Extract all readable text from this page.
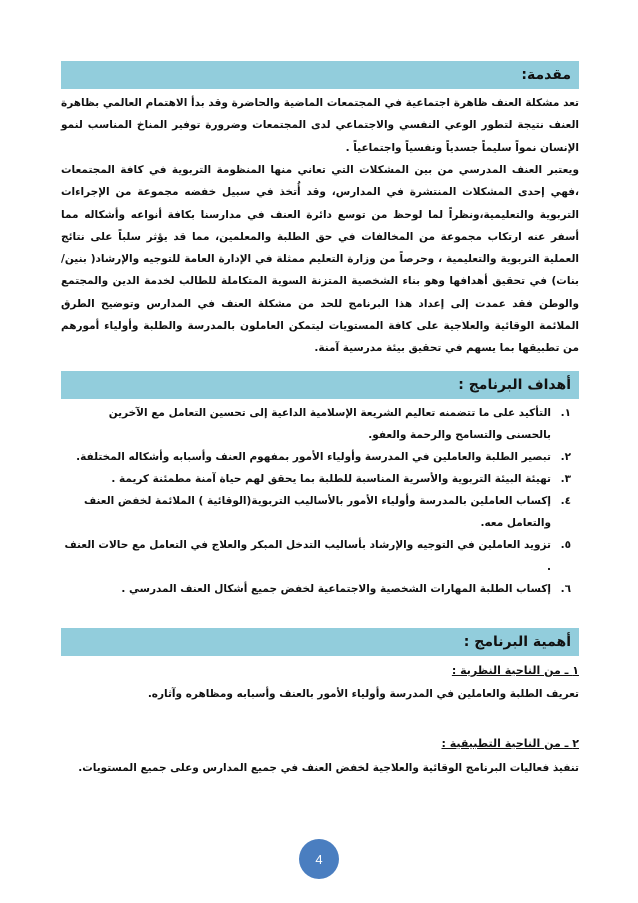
مقدمة:

تعد مشكلة العنف ظاهرة اجتماعية في المجتمعات الماضية والحاضرة وقد بدأ الاهتمام العالمي بظاهرة العنف نتيجة لتطور الوعي النفسي والاجتماعي لدى المجتمعات وضرورة توفير المناخ المناسب لنمو الإنسان نمواً سليماً جسدياً ونفسياً واجتماعياً .

ويعتبر العنف المدرسي من بين المشكلات التي تعاني منها المنظومة التربوية في كافة المجتمعات ،فهي إحدى المشكلات المنتشرة في المدارس، وقد أُتخذ في سبيل خفضه مجموعة من الإجراءات التربوية والتعليمية،ونظراً لما لوحظ من توسع دائرة العنف في مدارسنا بكافة أنواعه وأشكاله مما أسفر عنه ارتكاب مجموعة من المخالفات في حق الطلبة والمعلمين، مما قد يؤثر سلباً على نتائج العملية التربوية والتعليمية ، وحرصاً من وزارة التعليم ممثلة في الإدارة العامة للتوجيه والإرشاد( بنين/ بنات) في تحقيق أهدافها وهو بناء الشخصية المتزنة السوية المتكاملة للطالب لخدمة الدين والمجتمع والوطن فقد عمدت إلى إعداد هذا البرنامج للحد من مشكلة العنف في المدارس وتوضيح الطرق الملائمة الوقائية والعلاجية على كافة المستويات ليتمكن العاملون بالمدرسة والطلبة وأولياء أمورهم من تطبيقها بما يسهم في تحقيق بيئة مدرسية آمنة.

أهداف البرنامج :
١.
التأكيد على ما تتضمنه تعاليم الشريعة الإسلامية الداعية إلى تحسين التعامل مع الآخرين بالحسنى والتسامح والرحمة والعفو.
٢.
تبصير الطلبة والعاملين في المدرسة وأولياء الأمور بمفهوم العنف وأسبابه وأشكاله المختلفة.
٣.
تهيئة البيئة التربوية والأسرية المناسبة للطلبة بما يحقق لهم حياة آمنة مطمئنة كريمة .
٤.
إكساب العاملين بالمدرسة وأولياء الأمور بالأساليب التربوية(الوقائية ) الملائمة لخفض العنف والتعامل معه.
٥.
تزويد العاملين في التوجيه والإرشاد بأساليب التدخل المبكر والعلاج في التعامل مع حالات العنف .
٦.
إكساب الطلبة المهارات الشخصية والاجتماعية لخفض جميع أشكال العنف المدرسي .
أهمية البرنامج :

١ ـ من الناحية النظرية :

تعريف الطلبة والعاملين في المدرسة وأولياء الأمور بالعنف وأسبابه ومظاهره وآثاره.

٢ ـ من الناحية التطبيقية :

تنفيذ فعاليات البرنامج الوقائية والعلاجية لخفض العنف في جميع المدارس وعلى جميع المستويات.

4
